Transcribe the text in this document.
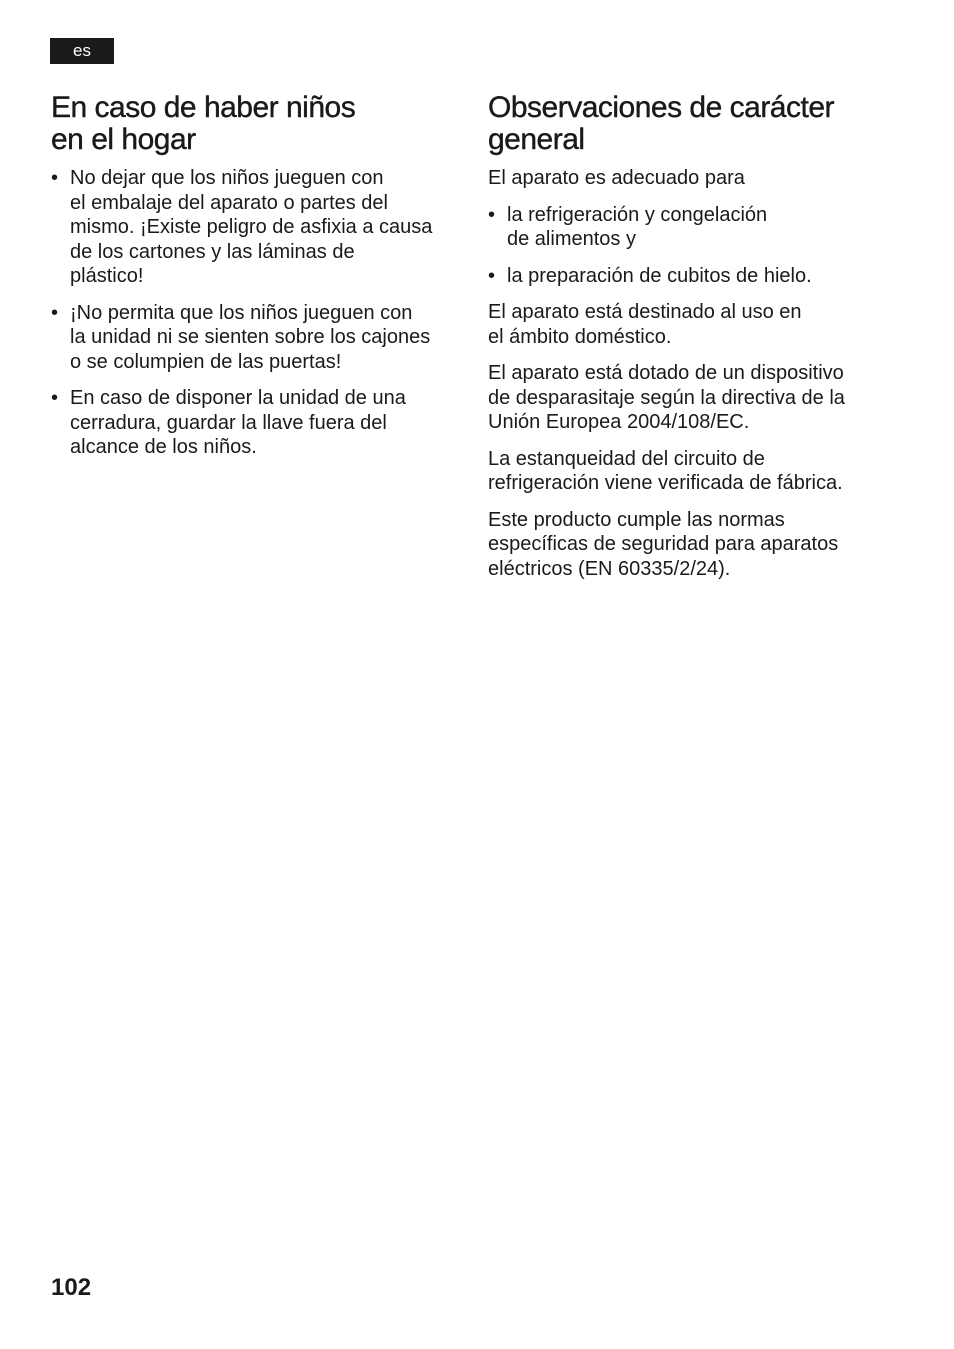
es
En caso de haber niños
en el hogar
• No dejar que los niños jueguen con
el embalaje del aparato o partes del
mismo. ¡Existe peligro de asfixia a causa
de los cartones y las láminas de
plástico!
• ¡No permita que los niños jueguen con
la unidad ni se sienten sobre los cajones
o se columpien de las puertas!
• En caso de disponer la unidad de una
cerradura, guardar la llave fuera del
alcance de los niños.
Observaciones de carácter
general

El aparato es adecuado para

• la refrigeración y congelación
de alimentos y
• la preparación de cubitos de hielo.

El aparato está destinado al uso en
el ámbito doméstico.

El aparato está dotado de un dispositivo
de desparasitaje según la directiva de la
Unión Europea 2004/108/EC.

La estanqueidad del circuito de
refrigeración viene verificada de fábrica.

Este producto cumple las normas
específicas de seguridad para aparatos
eléctricos (EN 60335/2/24).

102
